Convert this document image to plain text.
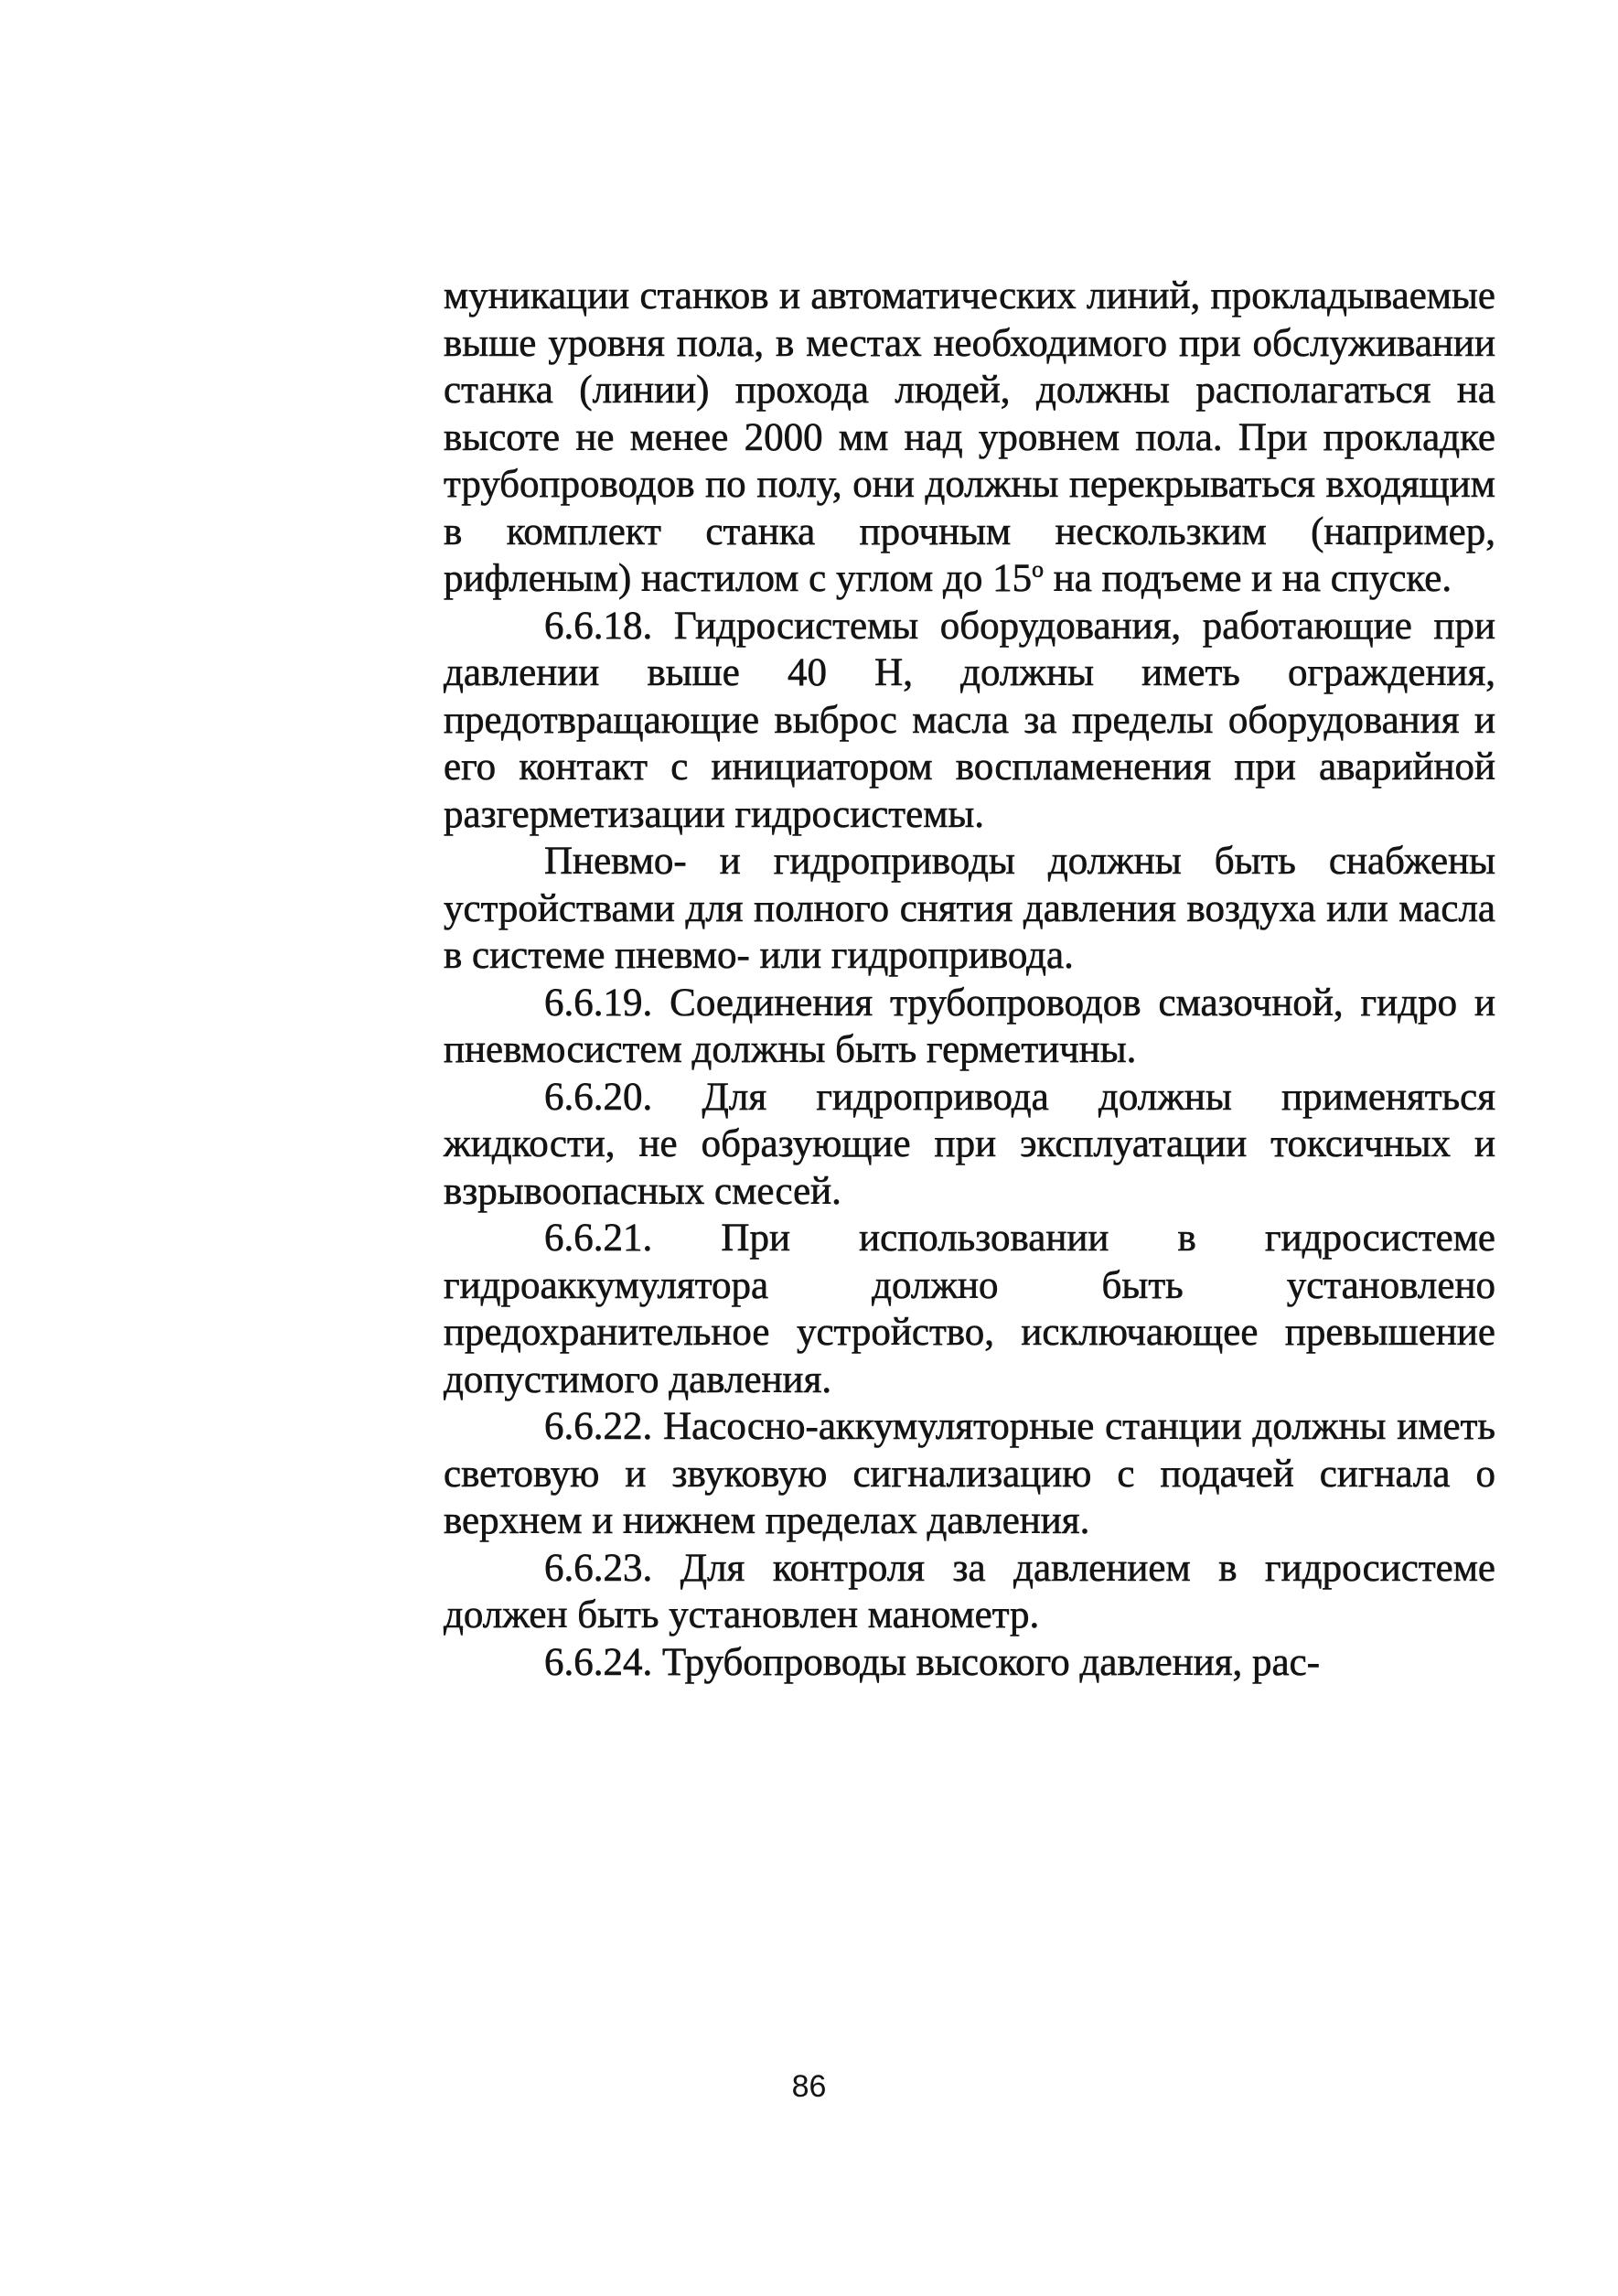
муникации станков и автоматических линий, прокладываемые выше уровня пола, в местах необходимого при обслуживании станка (линии) прохода людей, должны располагаться на высоте не менее 2000 мм над уровнем пола. При прокладке трубопроводов по полу, они должны перекрываться входящим в комплект станка прочным нескользким (например, рифленым) настилом с углом до $15^о$ на подъеме и на спуске.

6.6.18. Гидросистемы оборудования, работающие при давлении выше 40 Н, должны иметь ограждения, предотвращающие выброс масла за пределы оборудования и его контакт с инициатором воспламенения при аварийной разгерметизации гидросистемы.

Пневмо- и гидроприводы должны быть снабжены устройствами для полного снятия давления воздуха или масла в системе пневмо- или гидропривода.

6.6.19. Соединения трубопроводов смазочной, гидро и пневмосистем должны быть герметичны.

6.6.20. Для гидропривода должны применяться жидкости, не образующие при эксплуатации токсичных и взрывоопасных смесей.

6.6.21. При использовании в гидросистеме гидроаккумулятора должно быть установлено предохранительное устройство, исключающее превышение допустимого давления.

6.6.22. Насосно-аккумуляторные станции должны иметь световую и звуковую сигнализацию с подачей сигнала о верхнем и нижнем пределах давления.

6.6.23. Для контроля за давлением в гидросистеме должен быть установлен манометр.

6.6.24. Трубопроводы высокого давления, рас-

86
